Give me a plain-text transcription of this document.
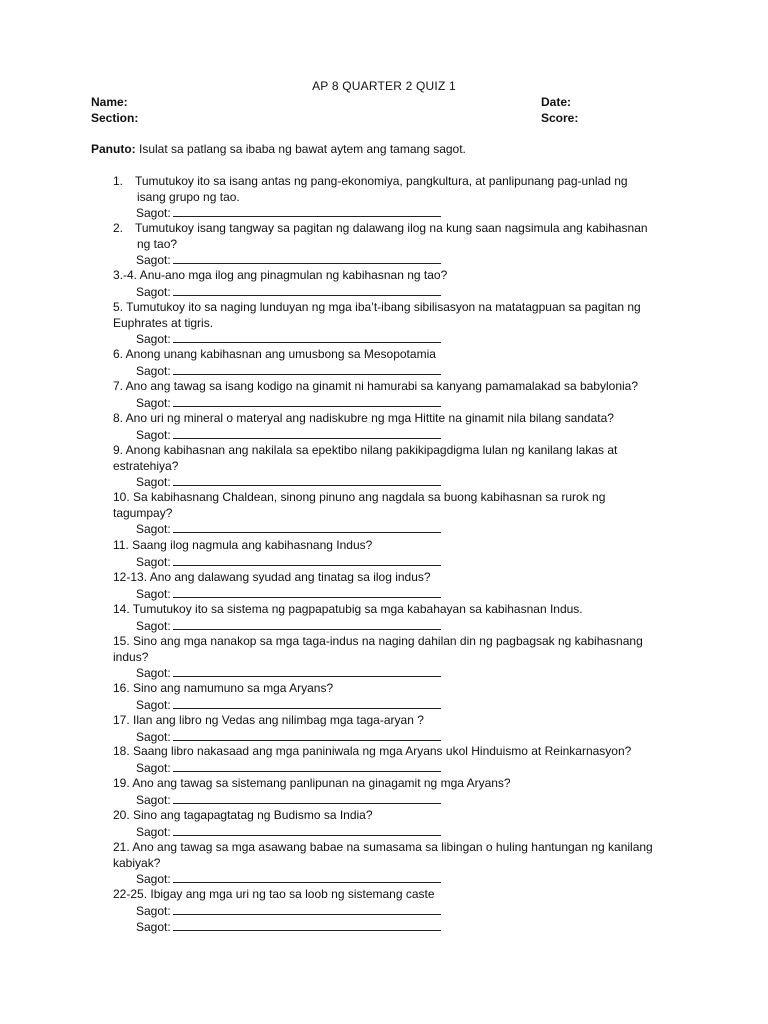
AP 8 QUARTER 2 QUIZ 1
Name:
Section:
Date:
Score:
Panuto: Isulat sa patlang sa ibaba ng bawat aytem ang tamang sagot.
1. Tumutukoy ito sa isang antas ng pang-ekonomiya, pangkultura, at panlipunang pag-unlad ng
isang grupo ng tao.
Sagot:
2. Tumutukoy isang tangway sa pagitan ng dalawang ilog na kung saan nagsimula ang kabihasnan
ng tao?
Sagot:
3.-4. Anu-ano mga ilog ang pinagmulan ng kabihasnan ng tao?
Sagot:
5. Tumutukoy ito sa naging lunduyan ng mga iba’t-ibang sibilisasyon na matatagpuan sa pagitan ng
Euphrates at tigris.
Sagot:
6. Anong unang kabihasnan ang umusbong sa Mesopotamia
Sagot:
7. Ano ang tawag sa isang kodigo na ginamit ni hamurabi sa kanyang pamamalakad sa babylonia?
Sagot:
8. Ano uri ng mineral o materyal ang nadiskubre ng mga Hittite na ginamit nila bilang sandata?
Sagot:
9. Anong kabihasnan ang nakilala sa epektibo nilang pakikipagdigma lulan ng kanilang lakas at
estratehiya?
Sagot:
10. Sa kabihasnang Chaldean, sinong pinuno ang nagdala sa buong kabihasnan sa rurok ng
tagumpay?
Sagot:
11. Saang ilog nagmula ang kabihasnang Indus?
Sagot:
12-13. Ano ang dalawang syudad ang tinatag sa ilog indus?
Sagot:
14. Tumutukoy ito sa sistema ng pagpapatubig sa mga kabahayan sa kabihasnan Indus.
Sagot:
15. Sino ang mga nanakop sa mga taga-indus na naging dahilan din ng pagbagsak ng kabihasnang
indus?
Sagot:
16. Sino ang namumuno sa mga Aryans?
Sagot:
17. Ilan ang libro ng Vedas ang nilimbag mga taga-aryan ?
Sagot:
18. Saang libro nakasaad ang mga paniniwala ng mga Aryans ukol Hinduismo at Reinkarnasyon?
Sagot:
19. Ano ang tawag sa sistemang panlipunan na ginagamit ng mga Aryans?
Sagot:
20. Sino ang tagapagtatag ng Budismo sa India?
Sagot:
21. Ano ang tawag sa mga asawang babae na sumasama sa libingan o huling hantungan ng kanilang
kabiyak?
Sagot:
22-25. Ibigay ang mga uri ng tao sa loob ng sistemang caste
Sagot:
Sagot:
